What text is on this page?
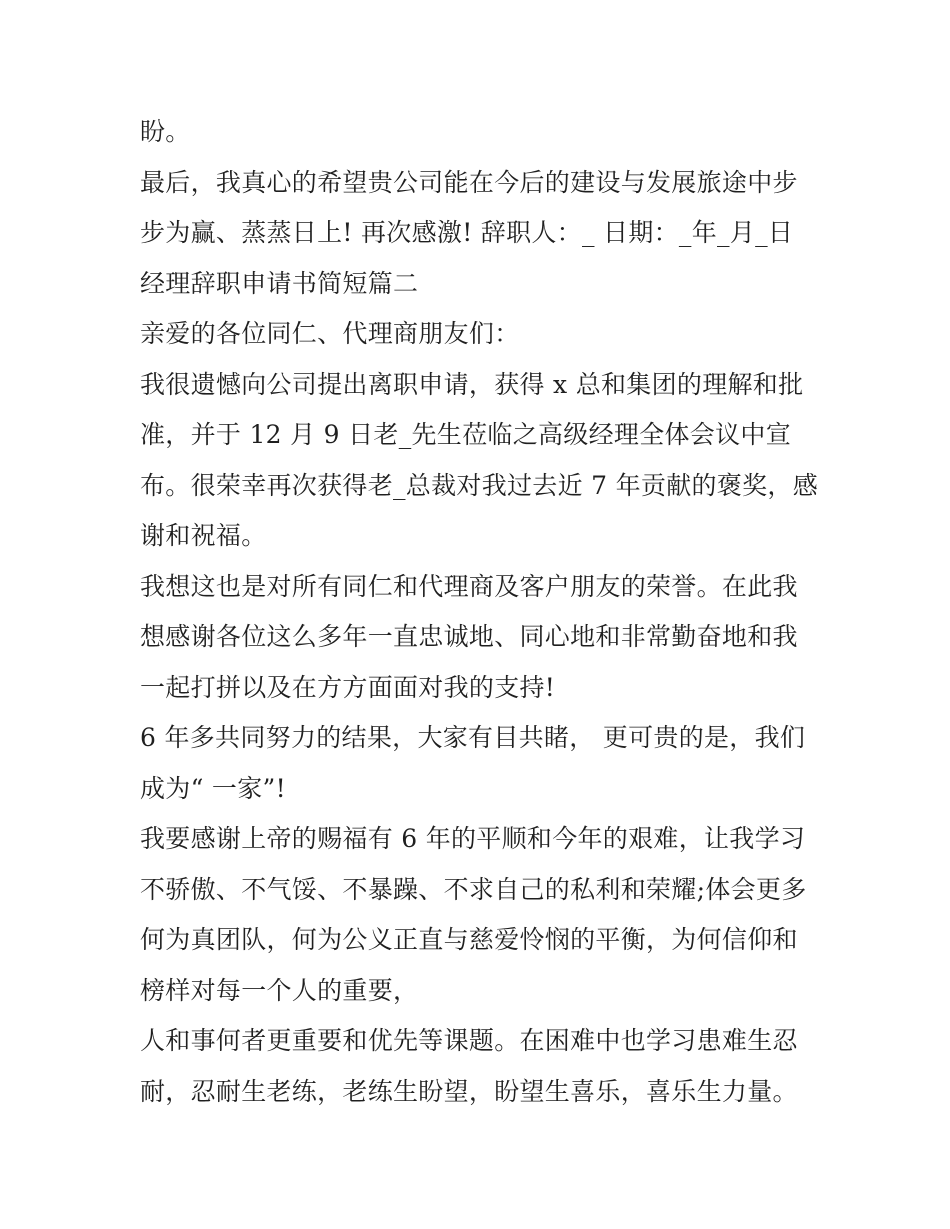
盼。

最后，我真心的希望贵公司能在今后的建设与发展旅途中步步为赢、蒸蒸日上! 再次感激! 辞职人：_ 日期：_年_月_日 经理辞职申请书简短篇二

亲爱的各位同仁、代理商朋友们：

我很遗憾向公司提出离职申请，获得 x 总和集团的理解和批准，并于 12 月 9 日老_先生莅临之高级经理全体会议中宣布。很荣幸再次获得老_总裁对我过去近 7 年贡献的褒奖，感谢和祝福。

我想这也是对所有同仁和代理商及客户朋友的荣誉。在此我想感谢各位这么多年一直忠诚地、同心地和非常勤奋地和我一起打拼以及在方方面面对我的支持!

6 年多共同努力的结果，大家有目共睹， 更可贵的是，我们成为“ 一家”!

我要感谢上帝的赐福有 6 年的平顺和今年的艰难，让我学习不骄傲、不气馁、不暴躁、不求自己的私利和荣耀;体会更多何为真团队，何为公义正直与慈爱怜悯的平衡，为何信仰和榜样对每一个人的重要，

人和事何者更重要和优先等课题。在困难中也学习患难生忍耐，忍耐生老练，老练生盼望，盼望生喜乐，喜乐生力量。
